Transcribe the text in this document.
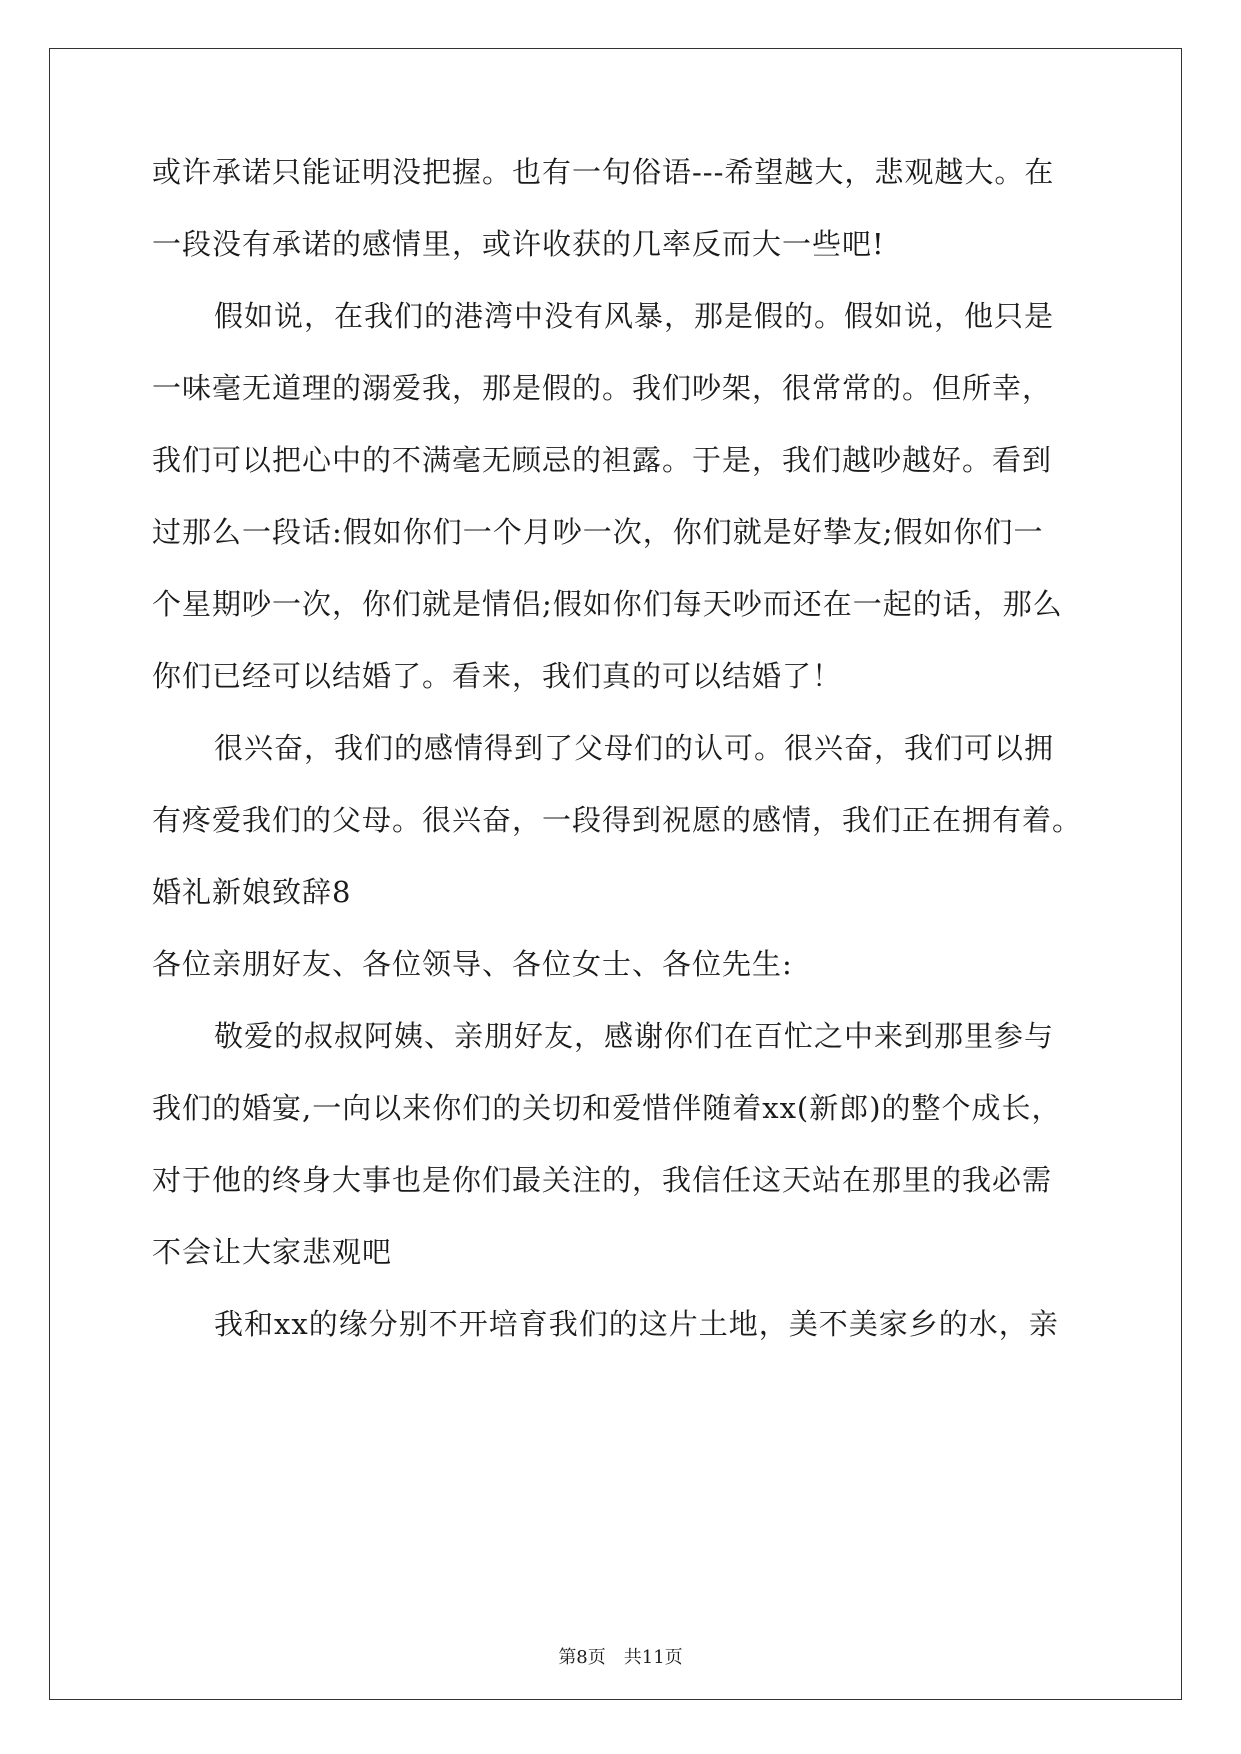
或许承诺只能证明没把握。也有一句俗语---希望越大，悲观越大。在
一段没有承诺的感情里，或许收获的几率反而大一些吧!
假如说，在我们的港湾中没有风暴，那是假的。假如说，他只是
一味毫无道理的溺爱我，那是假的。我们吵架，很常常的。但所幸，
我们可以把心中的不满毫无顾忌的袒露。于是，我们越吵越好。看到
过那么一段话:假如你们一个月吵一次，你们就是好挚友;假如你们一
个星期吵一次，你们就是情侣;假如你们每天吵而还在一起的话，那么
你们已经可以结婚了。看来，我们真的可以结婚了！
很兴奋，我们的感情得到了父母们的认可。很兴奋，我们可以拥
有疼爱我们的父母。很兴奋，一段得到祝愿的感情，我们正在拥有着。
婚礼新娘致辞8
各位亲朋好友、各位领导、各位女士、各位先生:
敬爱的叔叔阿姨、亲朋好友，感谢你们在百忙之中来到那里参与
我们的婚宴,一向以来你们的关切和爱惜伴随着xx(新郎)的整个成长，
对于他的终身大事也是你们最关注的，我信任这天站在那里的我必需
不会让大家悲观吧
我和xx的缘分别不开培育我们的这片土地，美不美家乡的水，亲
第8页　共11页
